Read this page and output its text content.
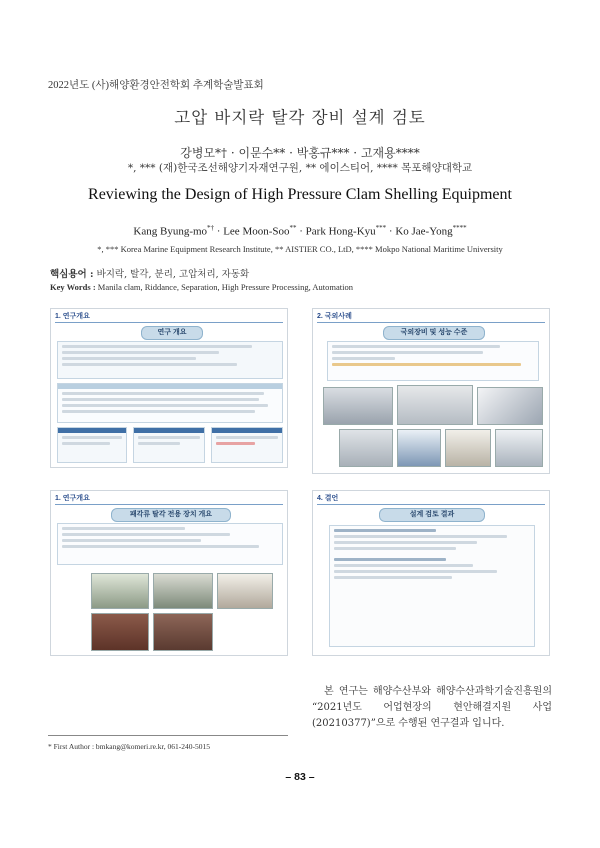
2022년도 (사)해양환경안전학회 추계학술발표회
고압 바지락 탈각 장비 설계 검토
강병모*† · 이문수** · 박홍규*** · 고재용****
*, *** (재)한국조선해양기자재연구원, ** 에이스티어, **** 목포해양대학교
Reviewing the Design of High Pressure Clam Shelling Equipment
Kang Byung-mo*† · Lee Moon-Soo** · Park Hong-Kyu*** · Ko Jae-Yong****
*, *** Korea Marine Equipment Research Institute, ** AISTIER CO., LtD, **** Mokpo National Maritime University
핵심용어 : 바지락, 탈각, 분리, 고압처리, 자동화
Key Words : Manila clam, Riddance, Separation, High Pressure Processing, Automation
1. 연구개요
연구 개요
2. 국외사례
국외장비 및 성능 수준
1. 연구개요
패각류 탈각 전용 장치 개요
4. 결언
설계 검토 결과
본 연구는 해양수산부와 해양수산과학기술진흥원의 “2021년도 어업현장의 현안해결지원 사업(20210377)”으로 수행된 연구결과 입니다.
* First Author : bmkang@komeri.re.kr, 061-240-5015
– 83 –
